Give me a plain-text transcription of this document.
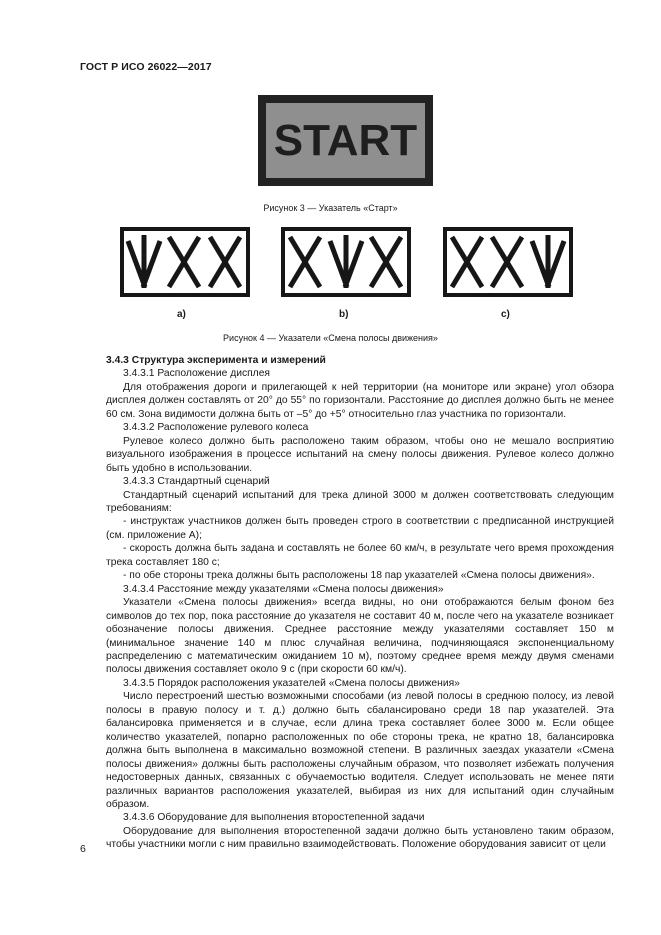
ГОСТ Р ИСО 26022—2017
START
Рисунок 3 — Указатель «Старт»
a)	b)	c)
Рисунок 4 — Указатели «Смена полосы движения»

3.4.3 Структура эксперимента и измерений

3.4.3.1 Расположение дисплея

Для отображения дороги и прилегающей к ней территории (на мониторе или экране) угол обзора дисплея должен составлять от 20° до 55° по горизонтали. Расстояние до дисплея должно быть не менее 60 см. Зона видимости должна быть от –5° до +5° относительно глаз участника по горизонтали.

3.4.3.2 Расположение рулевого колеса

Рулевое колесо должно быть расположено таким образом, чтобы оно не мешало восприятию визуального изображения в процессе испытаний на смену полосы движения. Рулевое колесо должно быть удобно в использовании.

3.4.3.3 Стандартный сценарий

Стандартный сценарий испытаний для трека длиной 3000 м должен соответствовать следующим требованиям:

- инструктаж участников должен быть проведен строго в соответствии с предписанной инструкцией (см. приложение А);

- скорость должна быть задана и составлять не более 60 км/ч, в результате чего время прохождения трека составляет 180 с;

- по обе стороны трека должны быть расположены 18 пар указателей «Смена полосы движения».

3.4.3.4 Расстояние между указателями «Смена полосы движения»

Указатели «Смена полосы движения» всегда видны, но они отображаются белым фоном без символов до тех пор, пока расстояние до указателя не составит 40 м, после чего на указателе возникает обозначение полосы движения. Среднее расстояние между указателями составляет 150 м (минимальное значение 140 м плюс случайная величина, подчиняющаяся экспоненциальному распределению с математическим ожиданием 10 м), поэтому среднее время между двумя сменами полосы движения составляет около 9 с (при скорости 60 км/ч).

3.4.3.5 Порядок расположения указателей «Смена полосы движения»

Число перестроений шестью возможными способами (из левой полосы в среднюю полосу, из левой полосы в правую полосу и т. д.) должно быть сбалансировано среди 18 пар указателей. Эта балансировка применяется и в случае, если длина трека составляет более 3000 м. Если общее количество указателей, попарно расположенных по обе стороны трека, не кратно 18, балансировка должна быть выполнена в максимально возможной степени. В различных заездах указатели «Смена полосы движения» должны быть расположены случайным образом, что позволяет избежать получения недостоверных данных, связанных с обучаемостью водителя. Следует использовать не менее пяти различных вариантов расположения указателей, выбирая из них для испытаний один случайным образом.

3.4.3.6 Оборудование для выполнения второстепенной задачи

Оборудование для выполнения второстепенной задачи должно быть установлено таким образом, чтобы участники могли с ним правильно взаимодействовать. Положение оборудования зависит от цели

6
